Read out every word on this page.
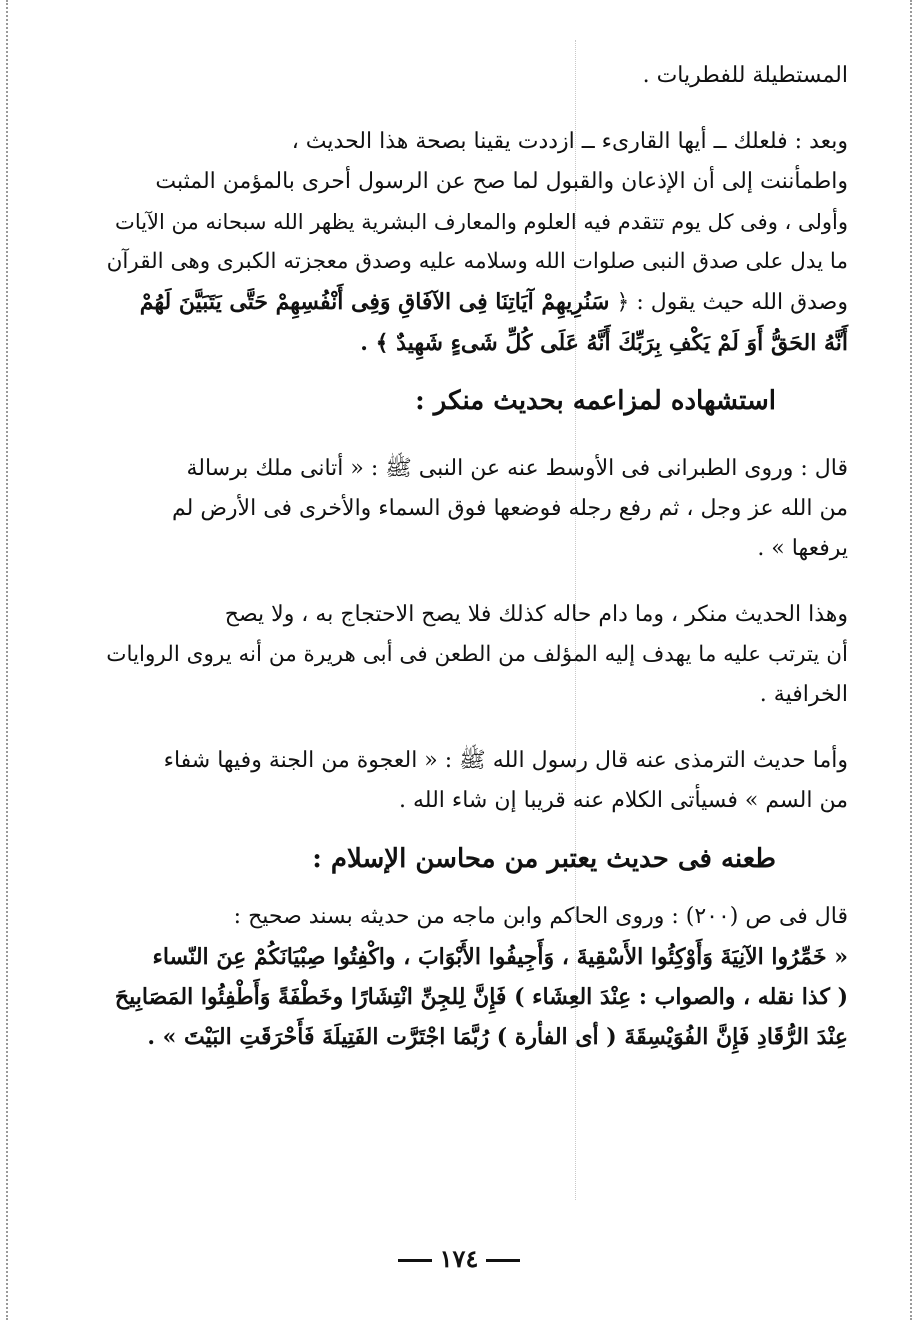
المستطيلة للفطريات .
وبعد : فلعلك ــ أيها القارىء ــ ازددت يقينا بصحة هذا الحديث ،
واطمأننت إلى أن الإذعان والقبول لما صح عن الرسول أحرى بالمؤمن المثبت
وأولى ، وفى كل يوم تتقدم فيه العلوم والمعارف البشرية يظهر الله سبحانه من الآيات
ما يدل على صدق النبى صلوات الله وسلامه عليه وصدق معجزته الكبرى وهى القرآن
وصدق الله حيث يقول : ﴿ سَنُرِيهِمْ آيَاتِنَا فِى الآفَاقِ وَفِى أَنْفُسِهِمْ حَتَّى يَتَبَيَّنَ لَهُمْ
أَنَّهُ الحَقُّ أَوَ لَمْ يَكْفِ بِرَبِّكَ أَنَّهُ عَلَى كُلِّ شَىءٍ شَهِيدٌ ﴾ .
استشهاده لمزاعمه بحديث منكر :
قال : وروى الطبرانى فى الأوسط عنه عن النبى ﷺ : « أتانى ملك برسالة
من الله عز وجل ، ثم رفع رجله فوضعها فوق السماء والأخرى فى الأرض لم
يرفعها » .
وهذا الحديث منكر ، وما دام حاله كذلك فلا يصح الاحتجاج به ، ولا يصح
أن يترتب عليه ما يهدف إليه المؤلف من الطعن فى أبى هريرة من أنه يروى الروايات
الخرافية .
وأما حديث الترمذى عنه قال رسول الله ﷺ : « العجوة من الجنة وفيها شفاء
من السم » فسيأتى الكلام عنه قريبا إن شاء الله .
طعنه فى حديث يعتبر من محاسن الإسلام :
قال فى ص (٢٠٠) : وروى الحاكم وابن ماجه من حديثه بسند صحيح :
« خَمِّرُوا الآنِيَةَ وَأَوْكِئُوا الأَسْقِيةَ ، وَأَجِيفُوا الأَبْوَابَ ، واكْفِتُوا صِبْيَانَكُمْ عِنَ النّساء
( كذا نقله ، والصواب : عِنْدَ العِشَاء ) فَإِنَّ لِلجِنِّ انْتِشَارًا وخَطْفَةً وَأَطْفِئُوا المَصَابِيحَ
عِنْدَ الرُّقَادِ فَإِنَّ الفُوَيْسِقَةَ ( أى الفأرة ) رُبَّمَا اجْتَرَّت الفَتِيلَةَ فَأَحْرَقَتِ البَيْتَ » .
١٧٤
